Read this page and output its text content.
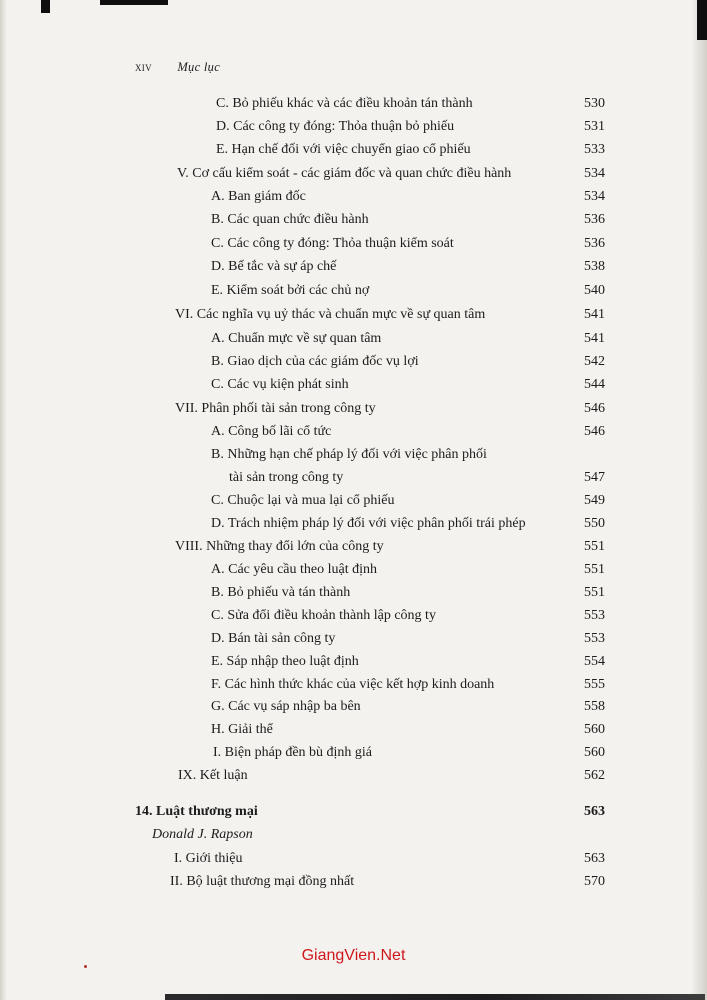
xiv Mục lục
C. Bỏ phiếu khác và các điều khoản tán thành	530
D. Các công ty đóng: Thỏa thuận bỏ phiếu	531
E. Hạn chế đối với việc chuyển giao cổ phiếu	533
V. Cơ cấu kiểm soát - các giám đốc và quan chức điều hành	534
A. Ban giám đốc	534
B. Các quan chức điều hành	536
C. Các công ty đóng: Thỏa thuận kiểm soát	536
D. Bế tắc và sự áp chế	538
E. Kiểm soát bởi các chủ nợ	540
VI. Các nghĩa vụ uỷ thác và chuẩn mực về sự quan tâm	541
A. Chuẩn mực về sự quan tâm	541
B. Giao dịch của các giám đốc vụ lợi	542
C. Các vụ kiện phát sinh	544
VII. Phân phối tài sản trong công ty	546
A. Công bố lãi cổ tức	546
B. Những hạn chế pháp lý đối với việc phân phối
tài sản trong công ty	547
C. Chuộc lại và mua lại cổ phiếu	549
D. Trách nhiệm pháp lý đối với việc phân phối trái phép	550
VIII. Những thay đổi lớn của công ty	551
A. Các yêu cầu theo luật định	551
B. Bỏ phiếu và tán thành	551
C. Sửa đổi điều khoản thành lập công ty	553
D. Bán tài sản công ty	553
E. Sáp nhập theo luật định	554
F. Các hình thức khác của việc kết hợp kinh doanh	555
G. Các vụ sáp nhập ba bên	558
H. Giải thể	560
I. Biện pháp đền bù định giá	560
IX. Kết luận	562
14. Luật thương mại	563
Donald J. Rapson
I. Giới thiệu	563
II. Bộ luật thương mại đồng nhất	570
GiangVien.Net
